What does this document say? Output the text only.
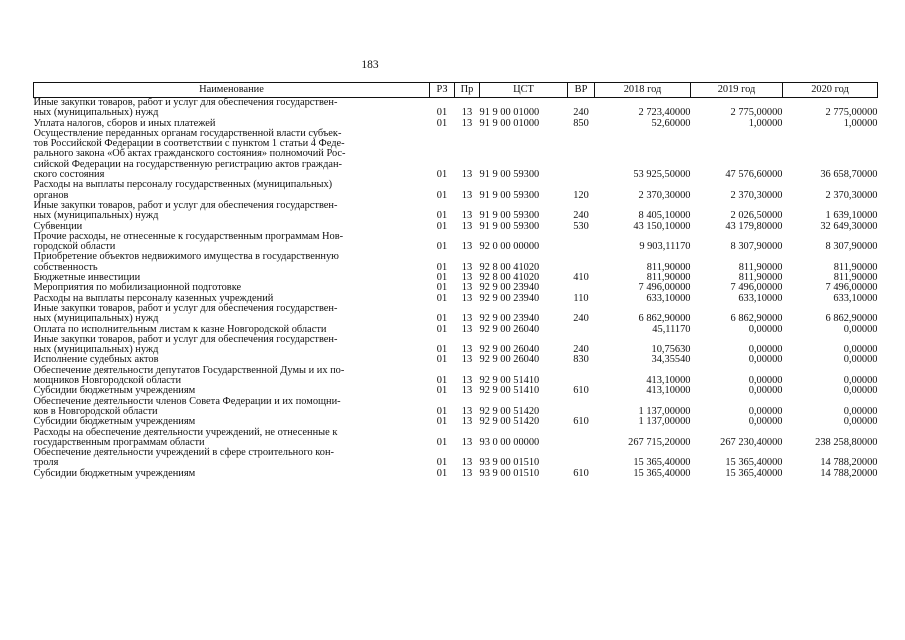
183
Наименование	РЗ	Пр	ЦСТ	ВР	2018 год	2019 год	2020 год
Иные закупки товаров, работ и услуг для обеспечения государствен-
ных (муниципальных) нужд	01	13	91 9 00 01000	240	2 723,40000	2 775,00000	2 775,00000
Уплата налогов, сборов и иных платежей	01	13	91 9 00 01000	850	52,60000	1,00000	1,00000
Осуществление переданных органам государственной власти субъек-
тов Российской Федерации в соответствии с пунктом 1 статьи 4 Феде-
рального закона «Об актах гражданского состояния» полномочий Рос-
сийской Федерации на государственную регистрацию актов граждан-
ского состояния	01	13	91 9 00 59300		53 925,50000	47 576,60000	36 658,70000
Расходы на выплаты персоналу государственных (муниципальных)
органов	01	13	91 9 00 59300	120	2 370,30000	2 370,30000	2 370,30000
Иные закупки товаров, работ и услуг для обеспечения государствен-
ных (муниципальных) нужд	01	13	91 9 00 59300	240	8 405,10000	2 026,50000	1 639,10000
Субвенции	01	13	91 9 00 59300	530	43 150,10000	43 179,80000	32 649,30000
Прочие расходы, не отнесенные к государственным программам Нов-
городской области	01	13	92 0 00 00000		9 903,11170	8 307,90000	8 307,90000
Приобретение объектов недвижимого имущества в государственную
собственность	01	13	92 8 00 41020		811,90000	811,90000	811,90000
Бюджетные инвестиции	01	13	92 8 00 41020	410	811,90000	811,90000	811,90000
Мероприятия по мобилизационной подготовке	01	13	92 9 00 23940		7 496,00000	7 496,00000	7 496,00000
Расходы на выплаты персоналу казенных учреждений	01	13	92 9 00 23940	110	633,10000	633,10000	633,10000
Иные закупки товаров, работ и услуг для обеспечения государствен-
ных (муниципальных) нужд	01	13	92 9 00 23940	240	6 862,90000	6 862,90000	6 862,90000
Оплата по исполнительным листам к казне Новгородской области	01	13	92 9 00 26040		45,11170	0,00000	0,00000
Иные закупки товаров, работ и услуг для обеспечения государствен-
ных (муниципальных) нужд	01	13	92 9 00 26040	240	10,75630	0,00000	0,00000
Исполнение судебных актов	01	13	92 9 00 26040	830	34,35540	0,00000	0,00000
Обеспечение деятельности депутатов Государственной Думы и их по-
мощников Новгородской области	01	13	92 9 00 51410		413,10000	0,00000	0,00000
Субсидии бюджетным учреждениям	01	13	92 9 00 51410	610	413,10000	0,00000	0,00000
Обеспечение деятельности членов Совета Федерации и их помощни-
ков в Новгородской области	01	13	92 9 00 51420		1 137,00000	0,00000	0,00000
Субсидии бюджетным учреждениям	01	13	92 9 00 51420	610	1 137,00000	0,00000	0,00000
Расходы на обеспечение деятельности учреждений, не отнесенные к
государственным программам области	01	13	93 0 00 00000		267 715,20000	267 230,40000	238 258,80000
Обеспечение деятельности учреждений в сфере строительного кон-
троля	01	13	93 9 00 01510		15 365,40000	15 365,40000	14 788,20000
Субсидии бюджетным учреждениям	01	13	93 9 00 01510	610	15 365,40000	15 365,40000	14 788,20000
